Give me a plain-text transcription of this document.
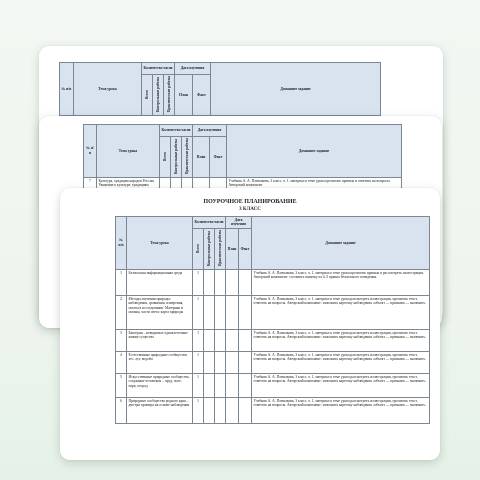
№ п/п	Тема урока	Количество часов			Дата изучения		Домашнее задание
		Всего	Контрольные работы	Практические работы	План	Факт	

№ п/п	Тема урока	Количество часов			Дата изучения		Домашнее задание
		Всего	Контрольные работы	Практические работы	План	Факт	
7	Культура, традиции народов России. Уважение к культуре, традициям						Учебник А. А. Плешакова, 3 класс, ч. 1, материал к теме урока прочитать правила и ответить на вопросы. Авторский компонент

ПОУРОЧНОЕ ПЛАНИРОВАНИЕ
3 КЛАСС
№ п/п	Тема урока	Количество часов			Дата изучения		Домашнее задание
		Всего	Контрольные работы	Практические работы	План	Факт	
1	Безопасная информационная среда	1					Учебник А. А. Плешакова, 3 класс, ч. 1, материал к теме урока прочитать правила и рассмотреть иллюстрации. Авторский компонент: составить памятку из 4–5 правил безопасного поведения.
2	Методы изучения природы: наблюдения, сравнения, измерения, опыты в исследовании. Материки и океаны, части света: карта природы	1					Учебник А. А. Плешакова, 3 класс, ч. 1, материал к теме урока рассмотреть иллюстрации, прочитать текст, ответить на вопросы. Авторский компонент: заполнить карточку наблюдения «объект — признаки — значение».
3	Бактерии – невидимые одноклеточные живые существа	1					Учебник А. А. Плешакова, 3 класс, ч. 1, материал к теме урока рассмотреть иллюстрации, прочитать текст, ответить на вопросы. Авторский компонент: заполнить карточку наблюдения «объект — признаки — значение».
4	Естественные природные сообщества: лес, луг, водоём	1					Учебник А. А. Плешакова, 3 класс, ч. 1, материал к теме урока рассмотреть иллюстрации, прочитать текст, ответить на вопросы. Авторский компонент: заполнить карточку наблюдения «объект — признаки — значение».
5	Искусственные природные сообщества, созданные человеком – пруд, поле, парк, огород	1					Учебник А. А. Плешакова, 3 класс, ч. 1, материал к теме урока рассмотреть иллюстрации, прочитать текст, ответить на вопросы. Авторский компонент: заполнить карточку наблюдения «объект — признаки — значение».
6	Природные сообщества родного края – два-три примера на основе наблюдения	1					Учебник А. А. Плешакова, 3 класс, ч. 1, материал к теме урока рассмотреть иллюстрации, прочитать текст, ответить на вопросы. Авторский компонент: заполнить карточку наблюдения «объект — признаки — значение».
